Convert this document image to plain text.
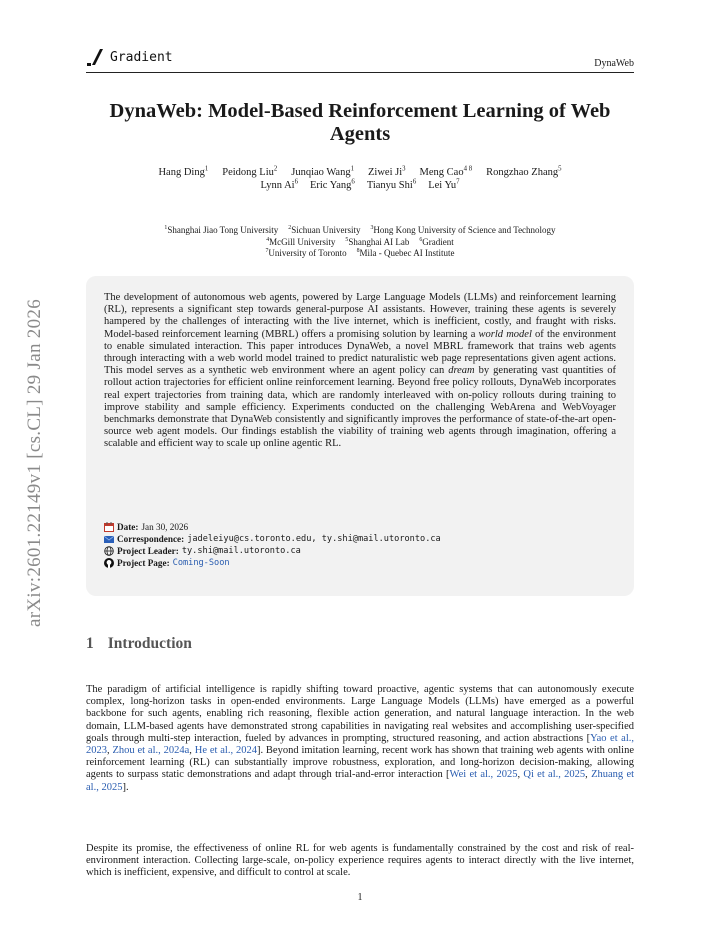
arXiv:2601.22149v1 [cs.CL] 29 Jan 2026
Gradient	DynaWeb
DynaWeb: Model-Based Reinforcement Learning of Web Agents
Hang Ding$^1$ Peidong Liu$^2$ Junqiao Wang$^1$ Ziwei Ji$^3$ Meng Cao$^{4 8}$ Rongzhao Zhang$^5$
Lynn Ai$^6$ Eric Yang$^6$ Tianyu Shi$^6$ Lei Yu$^7$
$^1$Shanghai Jiao Tong University $^2$Sichuan University $^3$Hong Kong University of Science and Technology
$^4$McGill University $^5$Shanghai AI Lab $^6$Gradient
$^7$University of Toronto $^8$Mila - Quebec AI Institute
The development of autonomous web agents, powered by Large Language Models (LLMs) and reinforcement learning (RL), represents a significant step towards general-purpose AI assistants. However, training these agents is severely hampered by the challenges of interacting with the live internet, which is inefficient, costly, and fraught with risks. Model-based reinforcement learning (MBRL) offers a promising solution by learning a world model of the environment to enable simulated interaction. This paper introduces DynaWeb, a novel MBRL framework that trains web agents through interacting with a web world model trained to predict naturalistic web page representations given agent actions. This model serves as a synthetic web environment where an agent policy can dream by generating vast quantities of rollout action trajectories for efficient online reinforcement learning. Beyond free policy rollouts, DynaWeb incorporates real expert trajectories from training data, which are randomly interleaved with on-policy rollouts during training to improve stability and sample efficiency. Experiments conducted on the challenging WebArena and WebVoyager benchmarks demonstrate that DynaWeb consistently and significantly improves the performance of state-of-the-art open-source web agent models. Our findings establish the viability of training web agents through imagination, offering a scalable and efficient way to scale up online agentic RL.
Date: Jan 30, 2026
Correspondence: jadeleiyu@cs.toronto.edu, ty.shi@mail.utoronto.ca
Project Leader: ty.shi@mail.utoronto.ca
Project Page: Coming-Soon
1 Introduction
The paradigm of artificial intelligence is rapidly shifting toward proactive, agentic systems that can autonomously execute complex, long-horizon tasks in open-ended environments. Large Language Models (LLMs) have emerged as a powerful backbone for such agents, enabling rich reasoning, flexible action generation, and natural language interaction. In the web domain, LLM-based agents have demonstrated strong capabilities in navigating real websites and accomplishing user-specified goals through multi-step interaction, fueled by advances in prompting, structured reasoning, and action abstractions [Yao et al., 2023, Zhou et al., 2024a, He et al., 2024]. Beyond imitation learning, recent work has shown that training web agents with online reinforcement learning (RL) can substantially improve robustness, exploration, and long-horizon decision-making, allowing agents to surpass static demonstrations and adapt through trial-and-error interaction [Wei et al., 2025, Qi et al., 2025, Zhuang et al., 2025].
Despite its promise, the effectiveness of online RL for web agents is fundamentally constrained by the cost and risk of real-environment interaction. Collecting large-scale, on-policy experience requires agents to interact directly with the live internet, which is inefficient, expensive, and difficult to control at scale.
1
